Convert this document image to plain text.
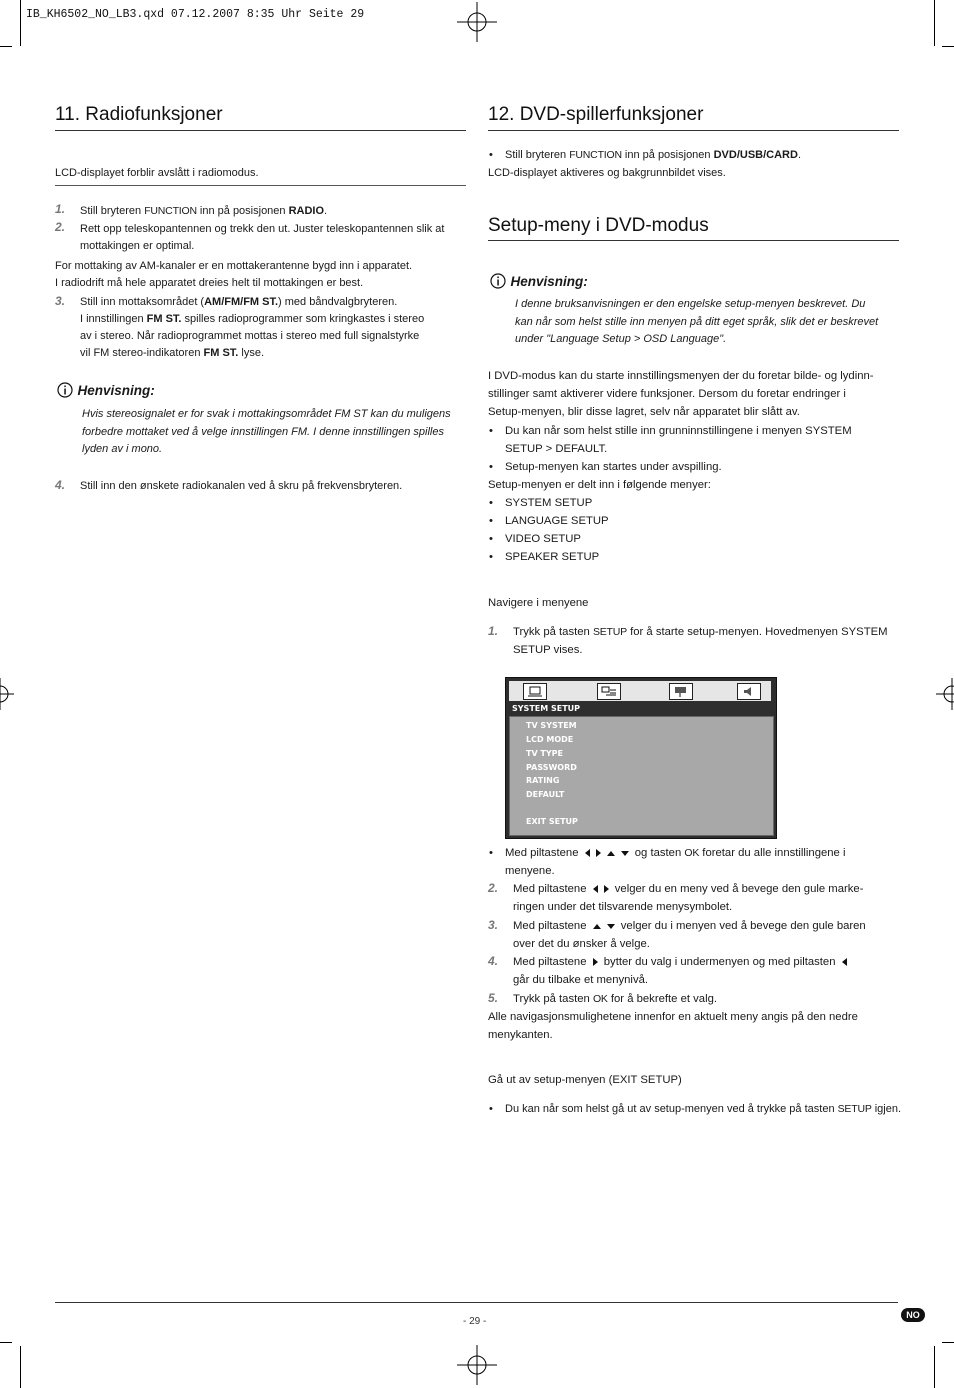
IB_KH6502_NO_LB3.qxd 07.12.2007 8:35 Uhr Seite 29
11. Radiofunksjoner
LCD-displayet forblir avslått i radiomodus.
1. Still bryteren FUNCTION inn på posisjonen RADIO.
2. Rett opp teleskopantennen og trekk den ut. Juster teleskopantennen slik at
mottakingen er optimal.
For mottaking av AM-kanaler er en mottakerantenne bygd inn i apparatet.
I radiodrift må hele apparatet dreies helt til mottakingen er best.
3. Still inn mottaksområdet (AM/FM/FM ST.) med båndvalgbryteren.
I innstillingen FM ST. spilles radioprogrammer som kringkastes i stereo
av i stereo. Når radioprogrammet mottas i stereo med full signalstyrke
vil FM stereo-indikatoren FM ST. lyse.
Henvisning:
Hvis stereosignalet er for svak i mottakingsområdet FM ST kan du muligens
forbedre mottaket ved å velge innstillingen FM. I denne innstillingen spilles
lyden av i mono.
4. Still inn den ønskete radiokanalen ved å skru på frekvensbryteren.
12. DVD-spillerfunksjoner
Still bryteren FUNCTION inn på posisjonen DVD/USB/CARD.
LCD-displayet aktiveres og bakgrunnbildet vises.
Setup-meny i DVD-modus
Henvisning:
I denne bruksanvisningen er den engelske setup-menyen beskrevet. Du
kan når som helst stille inn menyen på ditt eget språk, slik det er beskrevet
under "Language Setup > OSD Language".
I DVD-modus kan du starte innstillingsmenyen der du foretar bilde- og lydinn-
stillinger samt aktiverer videre funksjoner. Dersom du foretar endringer i
Setup-menyen, blir disse lagret, selv når apparatet blir slått av.
Du kan når som helst stille inn grunninnstillingene i menyen SYSTEM
SETUP > DEFAULT.
Setup-menyen kan startes under avspilling.
Setup-menyen er delt inn i følgende menyer:
SYSTEM SETUP
LANGUAGE SETUP
VIDEO SETUP
SPEAKER SETUP
Navigere i menyene
1. Trykk på tasten SETUP for å starte setup-menyen. Hovedmenyen SYSTEM
SETUP vises.
SYSTEM SETUP
TV SYSTEM
LCD MODE
TV TYPE
PASSWORD
RATING
DEFAULT
EXIT SETUP
Med piltastene	og tasten OK foretar du alle innstillingene i
menyene.
2. Med piltastene	velger du en meny ved å bevege den gule marke-
ringen under det tilsvarende menysymbolet.
3. Med piltastene	velger du i menyen ved å bevege den gule baren
over det du ønsker å velge.
4. Med piltastene bytter du valg i undermenyen og med piltasten
går du tilbake et menynivå.
5. Trykk på tasten OK for å bekrefte et valg.
Alle navigasjonsmulighetene innenfor en aktuelt meny angis på den nedre
menykanten.
Gå ut av setup-menyen (EXIT SETUP)
Du kan når som helst gå ut av setup-menyen ved å trykke på tasten SETUP igjen.
- 29 -
NO
